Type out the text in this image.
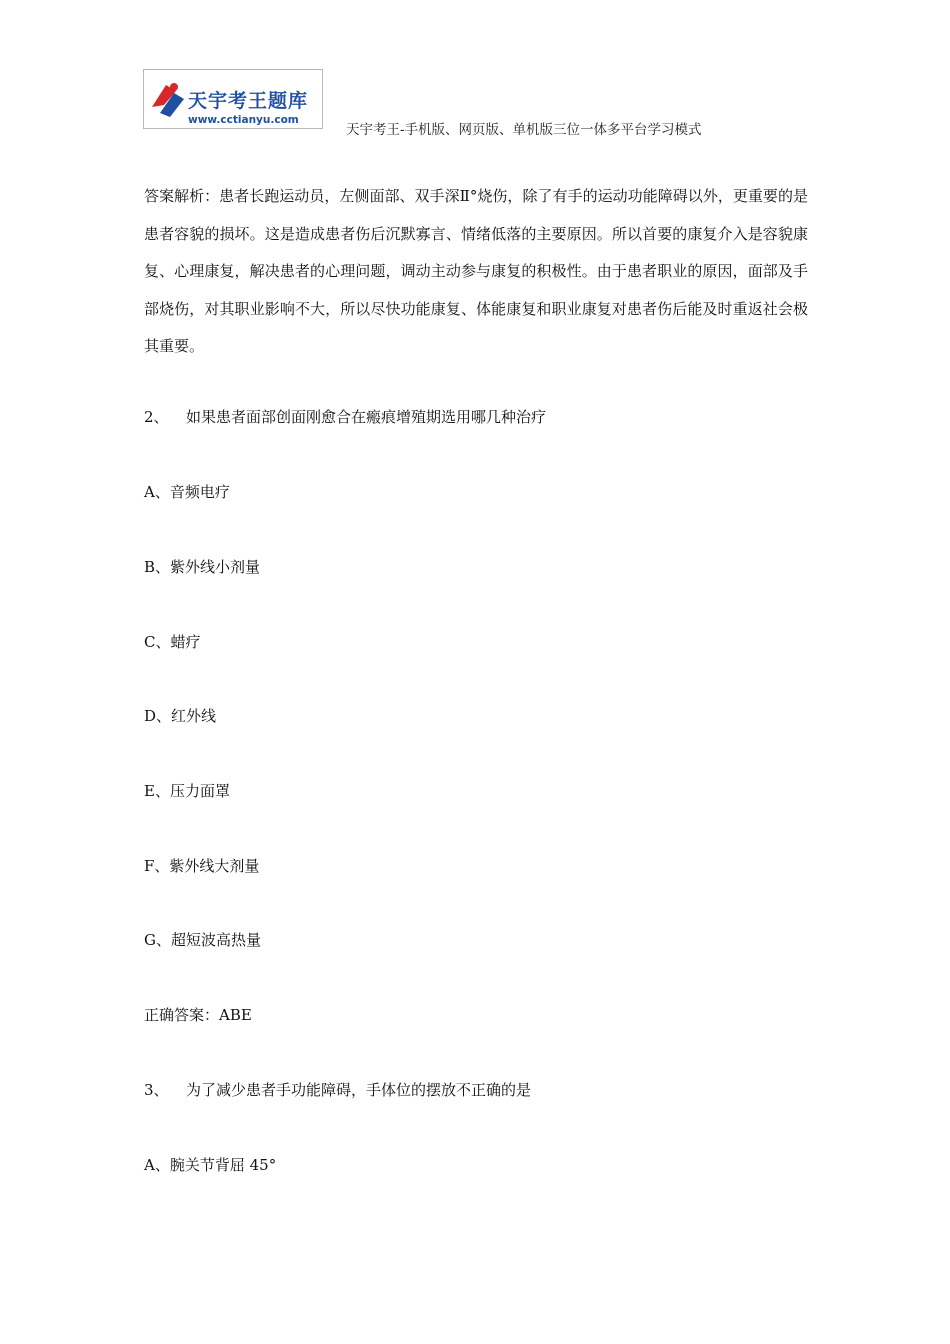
天宇考王题库
www.cctianyu.com
天宇考王-手机版、网页版、单机版三位一体多平台学习模式

答案解析：患者长跑运动员，左侧面部、双手深Ⅱ°烧伤，除了有手的运动功能障碍以外，更重要的是患者容貌的损坏。这是造成患者伤后沉默寡言、情绪低落的主要原因。所以首要的康复介入是容貌康复、心理康复，解决患者的心理问题，调动主动参与康复的积极性。由于患者职业的原因，面部及手部烧伤，对其职业影响不大，所以尽快功能康复、体能康复和职业康复对患者伤后能及时重返社会极其重要。

2、 如果患者面部创面刚愈合在瘢痕增殖期选用哪几种治疗
A、音频电疗
B、紫外线小剂量
C、蜡疗
D、红外线
E、压力面罩
F、紫外线大剂量
G、超短波高热量
正确答案：ABE
3、 为了减少患者手功能障碍，手体位的摆放不正确的是
A、腕关节背屈 45°
